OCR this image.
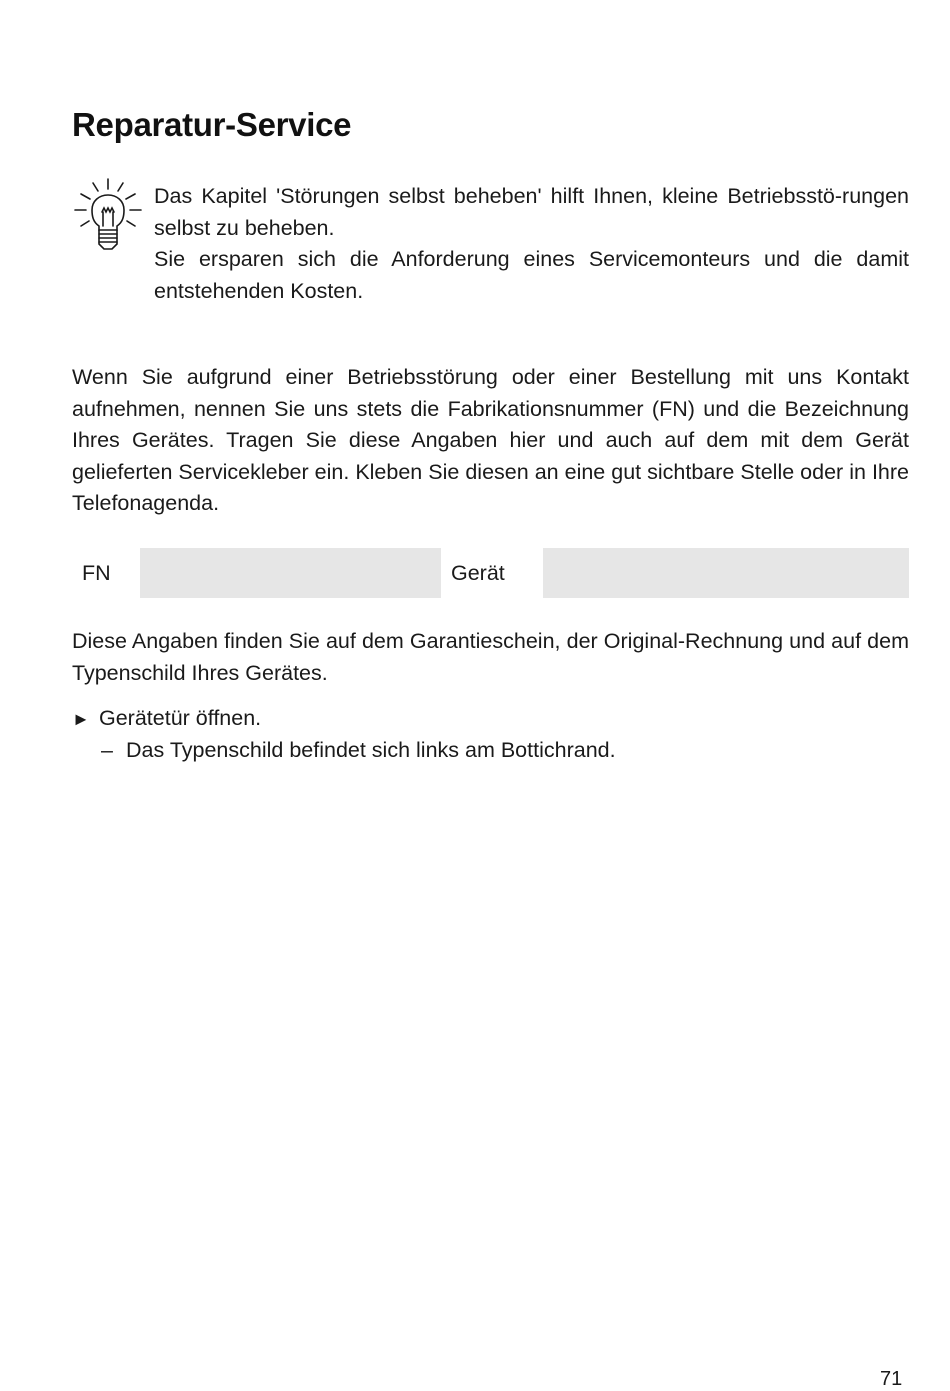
Reparatur-Service

Das Kapitel 'Störungen selbst beheben' hilft Ihnen, kleine Betriebsstö-rungen selbst zu beheben.

Sie ersparen sich die Anforderung eines Servicemonteurs und die damit entstehenden Kosten.

Wenn Sie aufgrund einer Betriebsstörung oder einer Bestellung mit uns Kontakt aufnehmen, nennen Sie uns stets die Fabrikationsnummer (FN) und die Bezeichnung Ihres Gerätes. Tragen Sie diese Angaben hier und auch auf dem mit dem Gerät gelieferten Servicekleber ein. Kleben Sie diesen an eine gut sichtbare Stelle oder in Ihre Telefonagenda.

FN	Gerät

Diese Angaben finden Sie auf dem Garantieschein, der Original-Rechnung und auf dem Typenschild Ihres Gerätes.

► Gerätetür öffnen.
– Das Typenschild befindet sich links am Bottichrand.
71
